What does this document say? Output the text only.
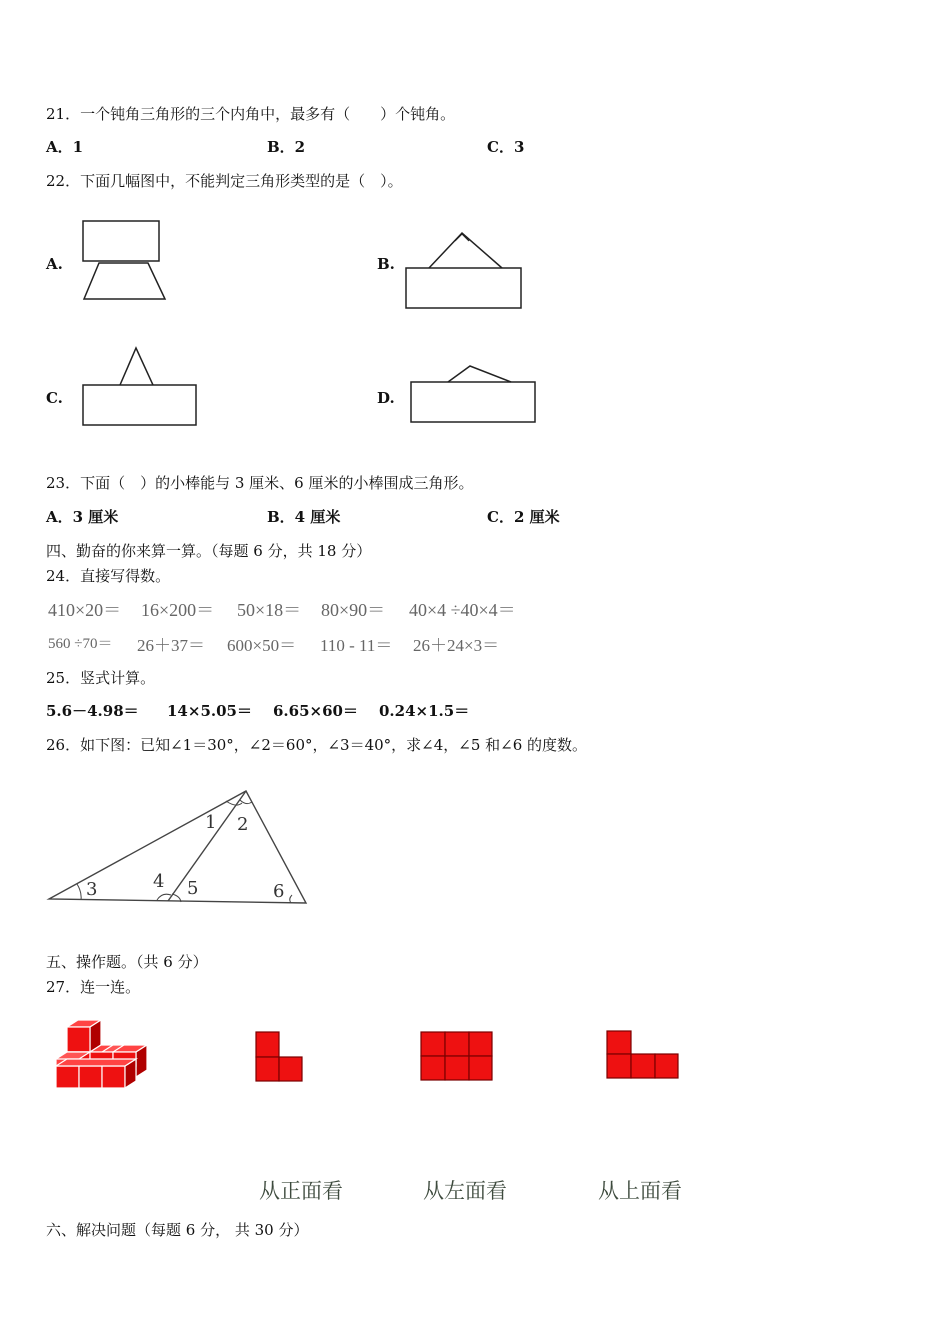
21．一个钝角三角形的三个内角中，最多有（　　）个钝角。
A．1	B．2	C．3
22．下面几幅图中，不能判定三角形类型的是（　）。
A.	B.
C.	D.
23．下面（　）的小棒能与 3 厘米、6 厘米的小棒围成三角形。
A．3 厘米	B．4 厘米	C．2 厘米
四、勤奋的你来算一算。（每题 6 分，共 18 分）
24．直接写得数。
410×20＝ 16×200＝ 50×18＝ 80×90＝ 40×4 ÷40×4＝
560 ÷70＝ 26＋37＝ 600×50＝ 110 - 11＝ 26＋24×3＝
25．竖式计算。
5.6－4.98＝ 14×5.05＝ 6.65×60＝ 0.24×1.5＝
26．如下图：已知∠1＝30°，∠2＝60°，∠3＝40°，求∠4，∠5 和∠6 的度数。
1 2
3	4 5	6
五、操作题。（共 6 分）
27．连一连。
从正面看	从左面看	从上面看
六、解决问题（每题 6 分， 共 30 分）
